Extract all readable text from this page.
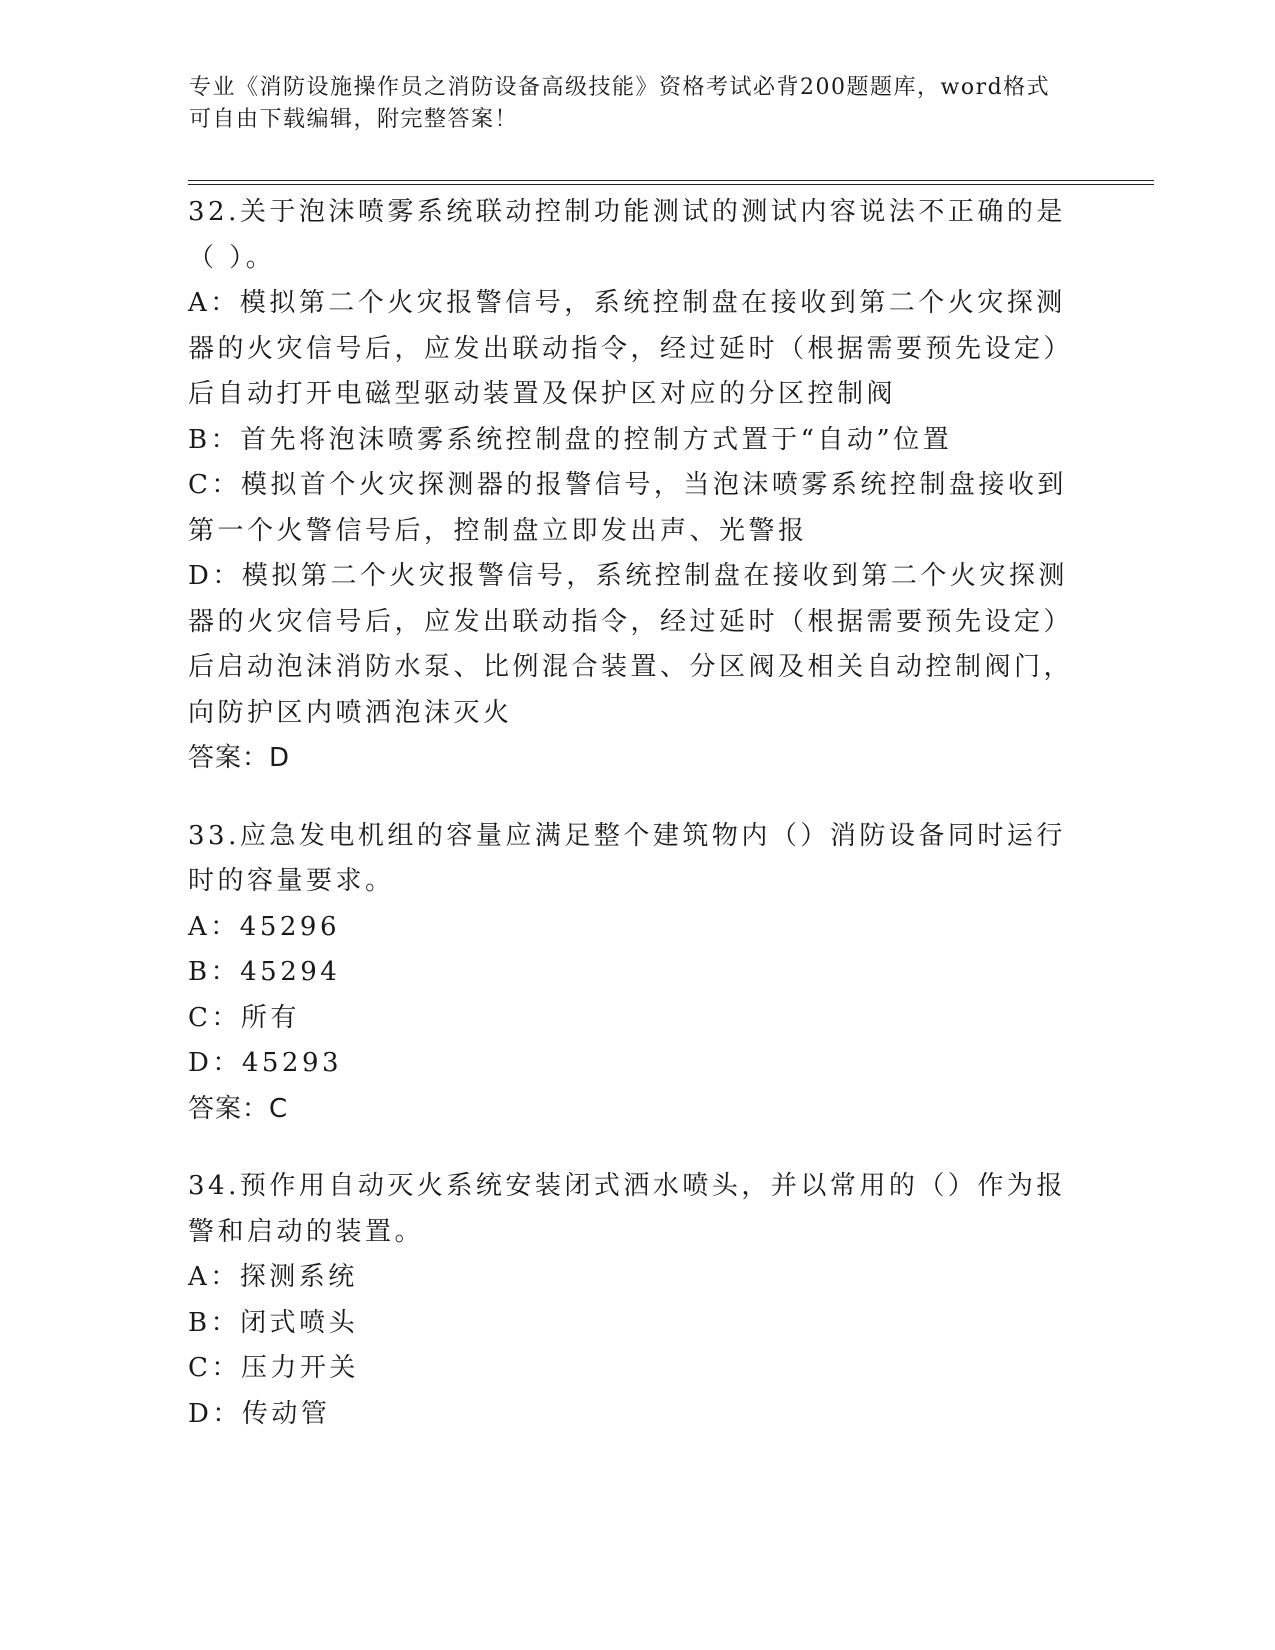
专业《消防设施操作员之消防设备高级技能》资格考试必背200题题库，word格式可自由下载编辑，附完整答案！

32.关于泡沫喷雾系统联动控制功能测试的测试内容说法不正确的是（ ）。

A：模拟第二个火灾报警信号，系统控制盘在接收到第二个火灾探测器的火灾信号后，应发出联动指令，经过延时（根据需要预先设定）后自动打开电磁型驱动装置及保护区对应的分区控制阀

B：首先将泡沫喷雾系统控制盘的控制方式置于“自动”位置

C：模拟首个火灾探测器的报警信号，当泡沫喷雾系统控制盘接收到第一个火警信号后，控制盘立即发出声、光警报

D：模拟第二个火灾报警信号，系统控制盘在接收到第二个火灾探测器的火灾信号后，应发出联动指令，经过延时（根据需要预先设定）后启动泡沫消防水泵、比例混合装置、分区阀及相关自动控制阀门，向防护区内喷洒泡沫灭火

答案：D

33.应急发电机组的容量应满足整个建筑物内（）消防设备同时运行时的容量要求。

A：45296

B：45294

C：所有

D：45293

答案：C

34.预作用自动灭火系统安装闭式洒水喷头，并以常用的（）作为报警和启动的装置。

A：探测系统

B：闭式喷头

C：压力开关

D：传动管
